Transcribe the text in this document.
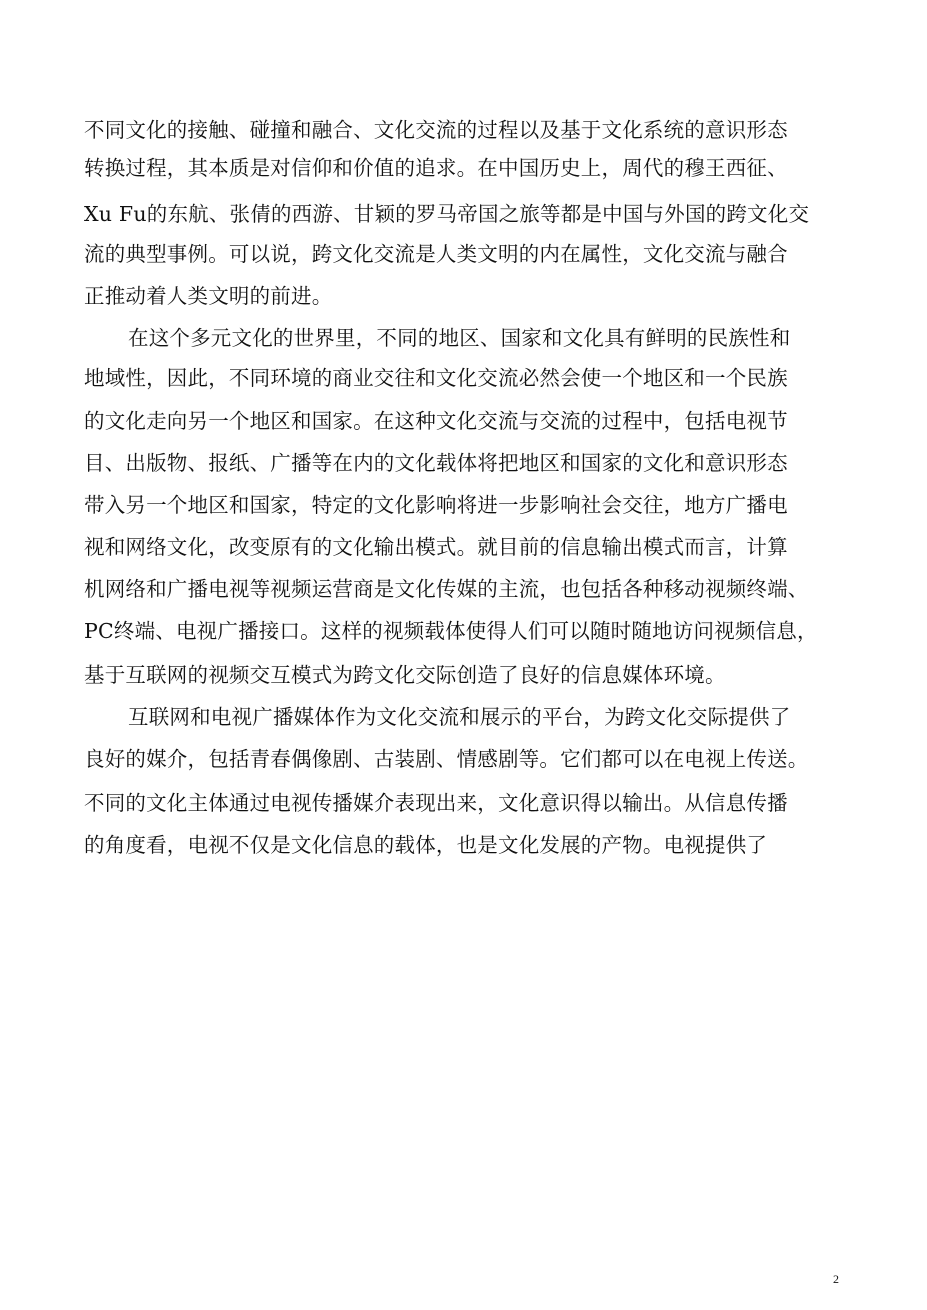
不同文化的接触、碰撞和融合、文化交流的过程以及基于文化系统的意识形态
转换过程，其本质是对信仰和价值的追求。在中国历史上，周代的穆王西征、
Xu Fu的东航、张倩的西游、甘颖的罗马帝国之旅等都是中国与外国的跨文化交
流的典型事例。可以说，跨文化交流是人类文明的内在属性，文化交流与融合
正推动着人类文明的前进。
在这个多元文化的世界里，不同的地区、国家和文化具有鲜明的民族性和
地域性，因此，不同环境的商业交往和文化交流必然会使一个地区和一个民族
的文化走向另一个地区和国家。在这种文化交流与交流的过程中，包括电视节
目、出版物、报纸、广播等在内的文化载体将把地区和国家的文化和意识形态
带入另一个地区和国家，特定的文化影响将进一步影响社会交往，地方广播电
视和网络文化，改变原有的文化输出模式。就目前的信息输出模式而言，计算
机网络和广播电视等视频运营商是文化传媒的主流，也包括各种移动视频终端、
PC终端、电视广播接口。这样的视频载体使得人们可以随时随地访问视频信息，
基于互联网的视频交互模式为跨文化交际创造了良好的信息媒体环境。
互联网和电视广播媒体作为文化交流和展示的平台，为跨文化交际提供了
良好的媒介，包括青春偶像剧、古装剧、情感剧等。它们都可以在电视上传送。
不同的文化主体通过电视传播媒介表现出来，文化意识得以输出。从信息传播
的角度看，电视不仅是文化信息的载体，也是文化发展的产物。电视提供了
2
